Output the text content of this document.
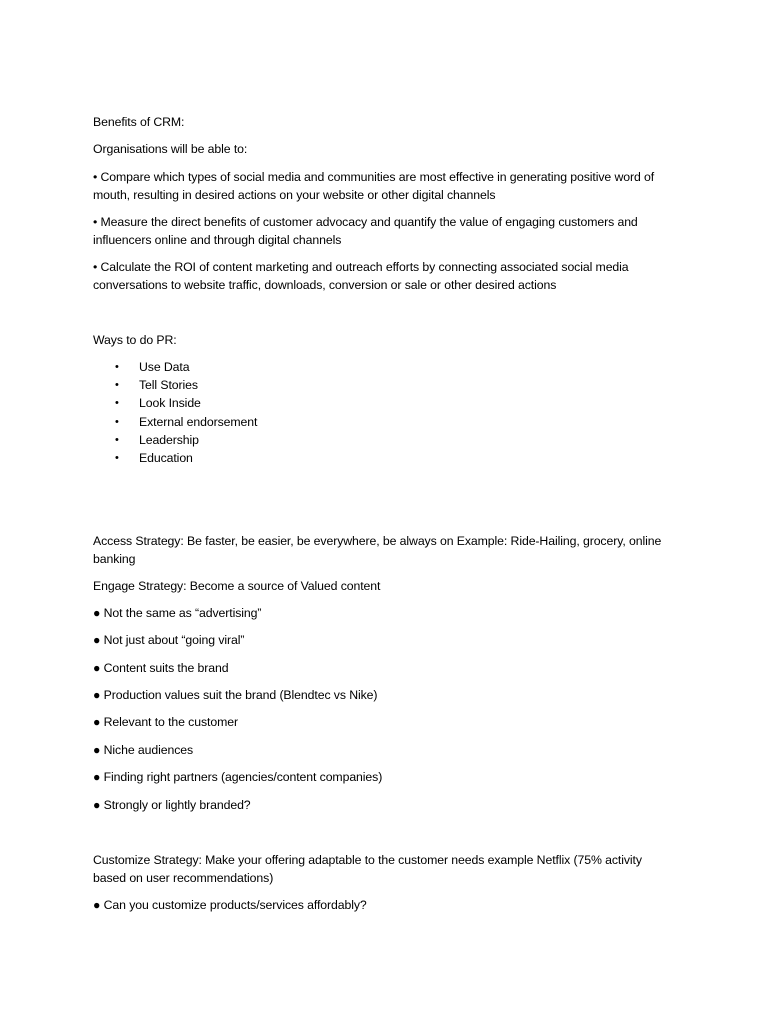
Benefits of CRM:
Organisations will be able to:
• Compare which types of social media and communities are most effective in generating positive word of mouth, resulting in desired actions on your website or other digital channels
• Measure the direct benefits of customer advocacy and quantify the value of engaging customers and influencers online and through digital channels
• Calculate the ROI of content marketing and outreach efforts by connecting associated social media conversations to website traffic, downloads, conversion or sale or other desired actions
Ways to do PR:
• Use Data
• Tell Stories
• Look Inside
• External endorsement
• Leadership
• Education
Access Strategy: Be faster, be easier, be everywhere, be always on Example: Ride-Hailing, grocery, online banking
Engage Strategy: Become a source of Valued content
● Not the same as “advertising”
● Not just about “going viral”
● Content suits the brand
● Production values suit the brand (Blendtec vs Nike)
● Relevant to the customer
● Niche audiences
● Finding right partners (agencies/content companies)
● Strongly or lightly branded?
Customize Strategy: Make your offering adaptable to the customer needs example Netflix (75% activity based on user recommendations)
● Can you customize products/services affordably?
